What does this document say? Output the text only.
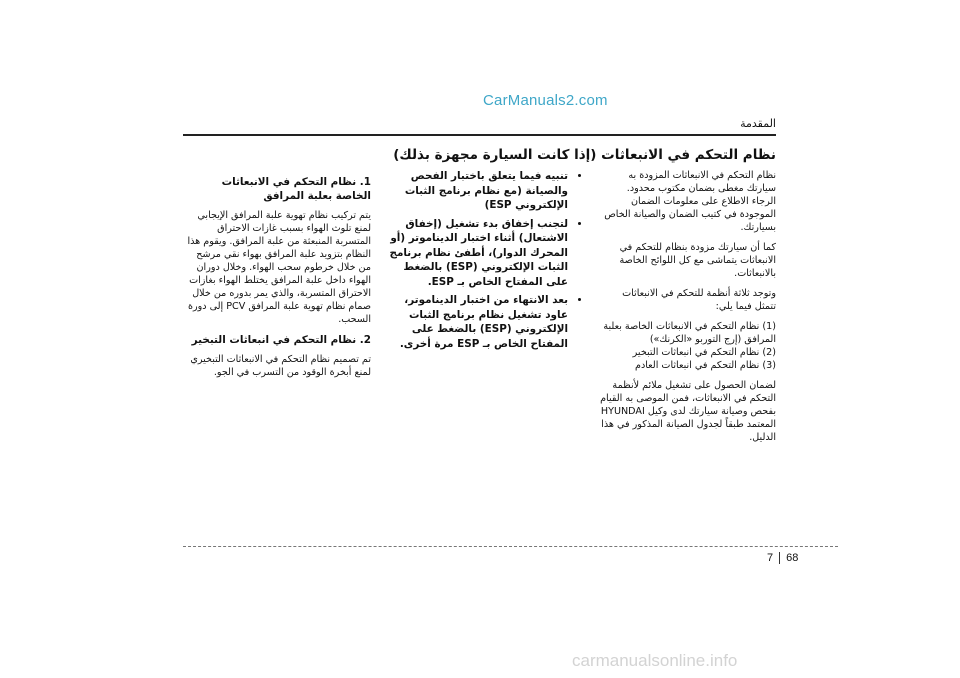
CarManuals2.com
المقدمة
نظام التحكم في الانبعاثات (إذا كانت السيارة مجهزة بذلك)

نظام التحكم في الانبعاثات المزودة به سيارتك مغطى بضمان مكتوب محدود. الرجاء الاطلاع على معلومات الضمان الموجودة في كتيب الضمان والصيانة الخاص بسيارتك.

كما أن سيارتك مزودة بنظام للتحكم في الانبعاثات يتماشى مع كل اللوائح الخاصة بالانبعاثات.

وتوجد ثلاثة أنظمة للتحكم في الانبعاثات تتمثل فيما يلي:

(1) نظام التحكم في الانبعاثات الخاصة بعلبة المرافق (إرج التوربو «الكرنك»)
(2) نظام التحكم في انبعاثات التبخير
(3) نظام التحكم في انبعاثات العادم

لضمان الحصول على تشغيل ملائم لأنظمة التحكم في الانبعاثات، فمن الموصى به القيام بفحص وصيانة سيارتك لدى وكيل HYUNDAI المعتمد طبقاً لجدول الصيانة المذكور في هذا الدليل.

• تنبيه فيما يتعلق باختبار الفحص والصيانة (مع نظام برنامج الثبات الإلكتروني ESP)
• لتجنب إخفاق بدء تشغيل (إخفاق الاشتعال) أثناء اختبار الديناموتر (أو المحرك الدوار)، أطفئ نظام برنامج الثبات الإلكتروني (ESP) بالضغط على المفتاح الخاص بـ ESP.
• بعد الانتهاء من اختبار الديناموتر، عاود تشغيل نظام برنامج الثبات الإلكتروني (ESP) بالضغط على المفتاح الخاص بـ ESP مرة أخرى.
1. نظام التحكم في الانبعاثات الخاصة بعلبة المرافق

يتم تركيب نظام تهوية علبة المرافق الإيجابي لمنع تلوث الهواء بسبب غازات الاحتراق المتسربة المنبعثة من علبة المرافق. ويقوم هذا النظام بتزويد علبة المرافق بهواء نقي مرشح من خلال خرطوم سحب الهواء. وخلال دوران الهواء داخل علبة المرافق يختلط الهواء بغازات الاحتراق المتسربة، والذي يمر بدوره من خلال صمام نظام تهوية علبة المرافق PCV إلى دورة السحب.

2. نظام التحكم في انبعاثات التبخير

تم تصميم نظام التحكم في الانبعاثات التبخيري لمنع أبخرة الوقود من التسرب في الجو.

7 68
carmanualsonline.info
